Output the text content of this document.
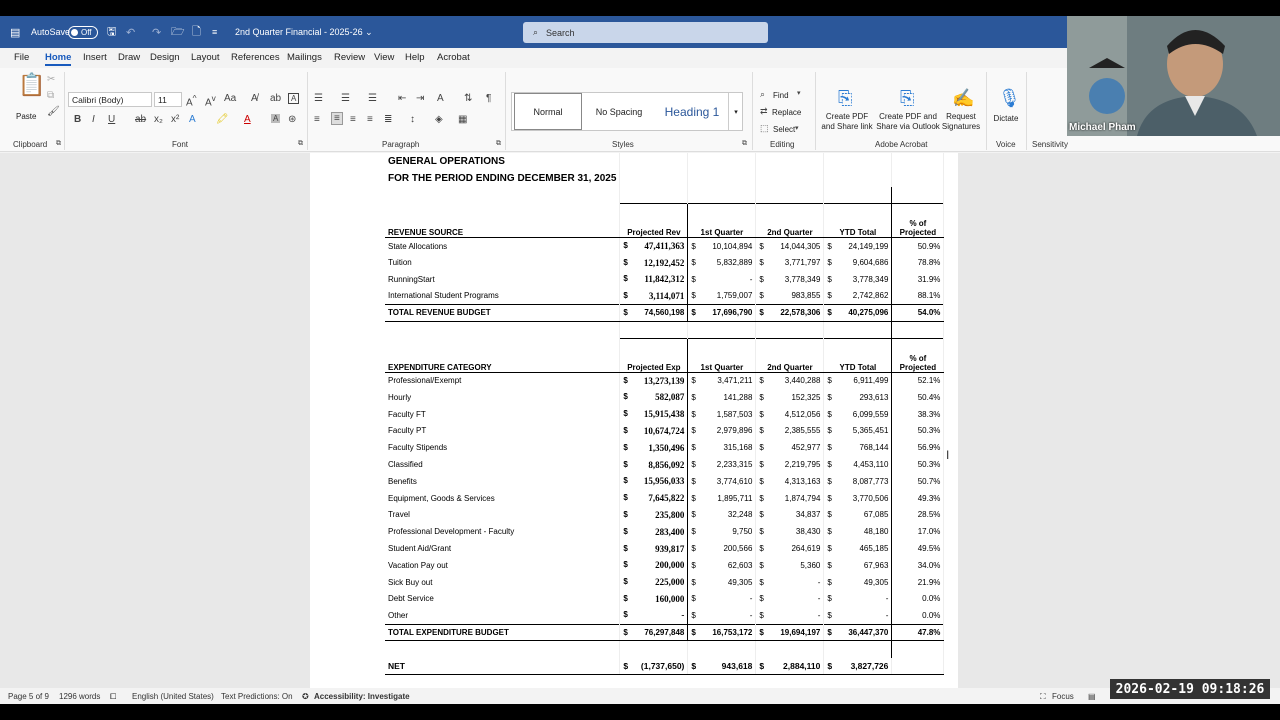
▤ AutoSave Off 🖫 ↶ ↷ 🗁 🗋 ≡ 2nd Quarter Financial - 2025-26 ⌄	⌕ Search
File Home Insert Draw Design Layout References Mailings Review View Help Acrobat
📋
Paste
✂
⧉
🖌
Clipboard ⧉
Calibri (Body)	11 A^ $A^v$ Aa A̸ ab	A
B I U ab x₂ x² A 🖍 A	A ⊛
Font	⧉
☰ ☰ ☰ ⇤ ⇥ A ⇅ ¶
≡	≡	≡ ≡ ≣ ↕ ◈ ▦
Paragraph	⧉
Normal	No Spacing	Heading 1	▾
Styles	⧉
⌕ Find ▾
⇄ Replace
⬚ Select ▾
Editing
⎘
Create PDF and Share link
⎘
Create PDF and Share via Outlook
✍
Request Signatures
Adobe Acrobat
🎙
Dictate
Voice Sensitivity
GENERAL OPERATIONS					
FOR THE PERIOD ENDING DECEMBER 31, 2025					

REVENUE SOURCE	Projected Rev	1st Quarter	2nd Quarter	YTD Total	% of
Projected
State Allocations	$ 47,411,363	$ 10,104,894	$ 14,044,305	$ 24,149,199	50.9%
Tuition	$ 12,192,452	$ 5,832,889	$ 3,771,797	$ 9,604,686	78.8%
RunningStart	$ 11,842,312	$ -	$ 3,778,349	$ 3,778,349	31.9%
International Student Programs	$ 3,114,071	$ 1,759,007	$ 983,855	$ 2,742,862	88.1%
TOTAL REVENUE BUDGET	$ 74,560,198	$ 17,696,790	$ 22,578,306	$ 40,275,096	54.0%

EXPENDITURE CATEGORY	Projected Exp	1st Quarter	2nd Quarter	YTD Total	% of
Projected
Professional/Exempt	$ 13,273,139	$ 3,471,211	$ 3,440,288	$ 6,911,499	52.1%
Hourly	$ 582,087	$ 141,288	$ 152,325	$ 293,613	50.4%
Faculty FT	$ 15,915,438	$ 1,587,503	$ 4,512,056	$ 6,099,559	38.3%
Faculty PT	$ 10,674,724	$ 2,979,896	$ 2,385,555	$ 5,365,451	50.3%
Faculty Stipends	$ 1,350,496	$ 315,168	$ 452,977	$ 768,144	56.9%
Classified	$ 8,856,092	$ 2,233,315	$ 2,219,795	$ 4,453,110	50.3%
Benefits	$ 15,956,033	$ 3,774,610	$ 4,313,163	$ 8,087,773	50.7%
Equipment, Goods & Services	$ 7,645,822	$ 1,895,711	$ 1,874,794	$ 3,770,506	49.3%
Travel	$ 235,800	$ 32,248	$ 34,837	$ 67,085	28.5%
Professional Development - Faculty	$ 283,400	$ 9,750	$ 38,430	$ 48,180	17.0%
Student Aid/Grant	$ 939,817	$ 200,566	$ 264,619	$ 465,185	49.5%
Vacation Pay out	$ 200,000	$ 62,603	$ 5,360	$ 67,963	34.0%
Sick Buy out	$ 225,000	$ 49,305	$ -	$ 49,305	21.9%
Debt Service	$ 160,000	$ -	$ -	$ -	0.0%
Other	$ -	$ -	$ -	$ -	0.0%
TOTAL EXPENDITURE BUDGET	$ 76,297,848	$ 16,753,172	$ 19,694,197	$ 36,447,370	47.8%

NET	$ (1,737,650)	$ 943,618	$ 2,884,110	$ 3,827,726	

I
Page 5 of 9 1296 words ⧠ English (United States) Text Predictions: On ✪ Accessibility: Investigate	⛶ Focus ▤
Michael Pham
2026-02-19 09:18:26
